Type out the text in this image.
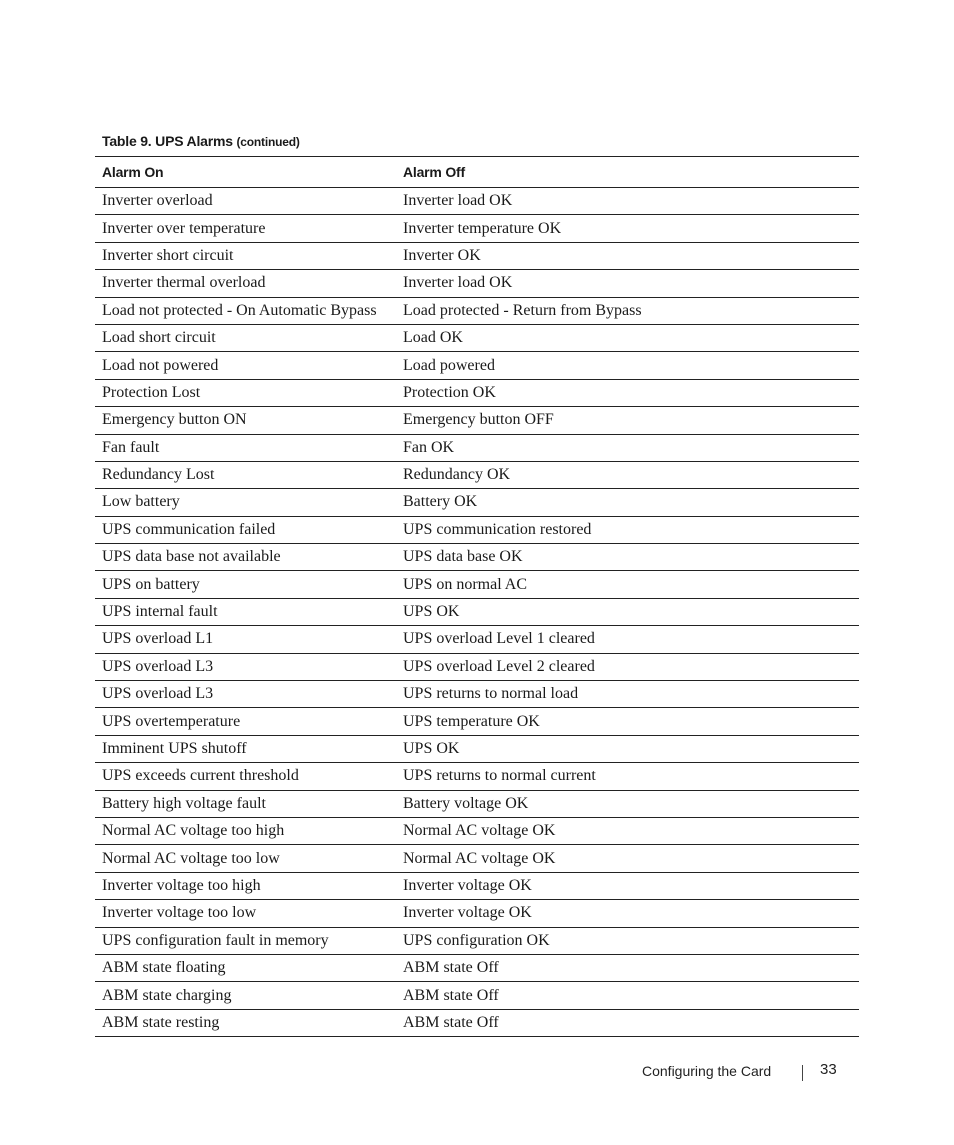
Table 9. UPS Alarms (continued)
Alarm On	Alarm Off
Inverter overload	Inverter load OK
Inverter over temperature	Inverter temperature OK
Inverter short circuit	Inverter OK
Inverter thermal overload	Inverter load OK
Load not protected - On Automatic Bypass	Load protected - Return from Bypass
Load short circuit	Load OK
Load not powered	Load powered
Protection Lost	Protection OK
Emergency button ON	Emergency button OFF
Fan fault	Fan OK
Redundancy Lost	Redundancy OK
Low battery	Battery OK
UPS communication failed	UPS communication restored
UPS data base not available	UPS data base OK
UPS on battery	UPS on normal AC
UPS internal fault	UPS OK
UPS overload L1	UPS overload Level 1 cleared
UPS overload L3	UPS overload Level 2 cleared
UPS overload L3	UPS returns to normal load
UPS overtemperature	UPS temperature OK
Imminent UPS shutoff	UPS OK
UPS exceeds current threshold	UPS returns to normal current
Battery high voltage fault	Battery voltage OK
Normal AC voltage too high	Normal AC voltage OK
Normal AC voltage too low	Normal AC voltage OK
Inverter voltage too high	Inverter voltage OK
Inverter voltage too low	Inverter voltage OK
UPS configuration fault in memory	UPS configuration OK
ABM state floating	ABM state Off
ABM state charging	ABM state Off
ABM state resting	ABM state Off
Configuring the Card	33
